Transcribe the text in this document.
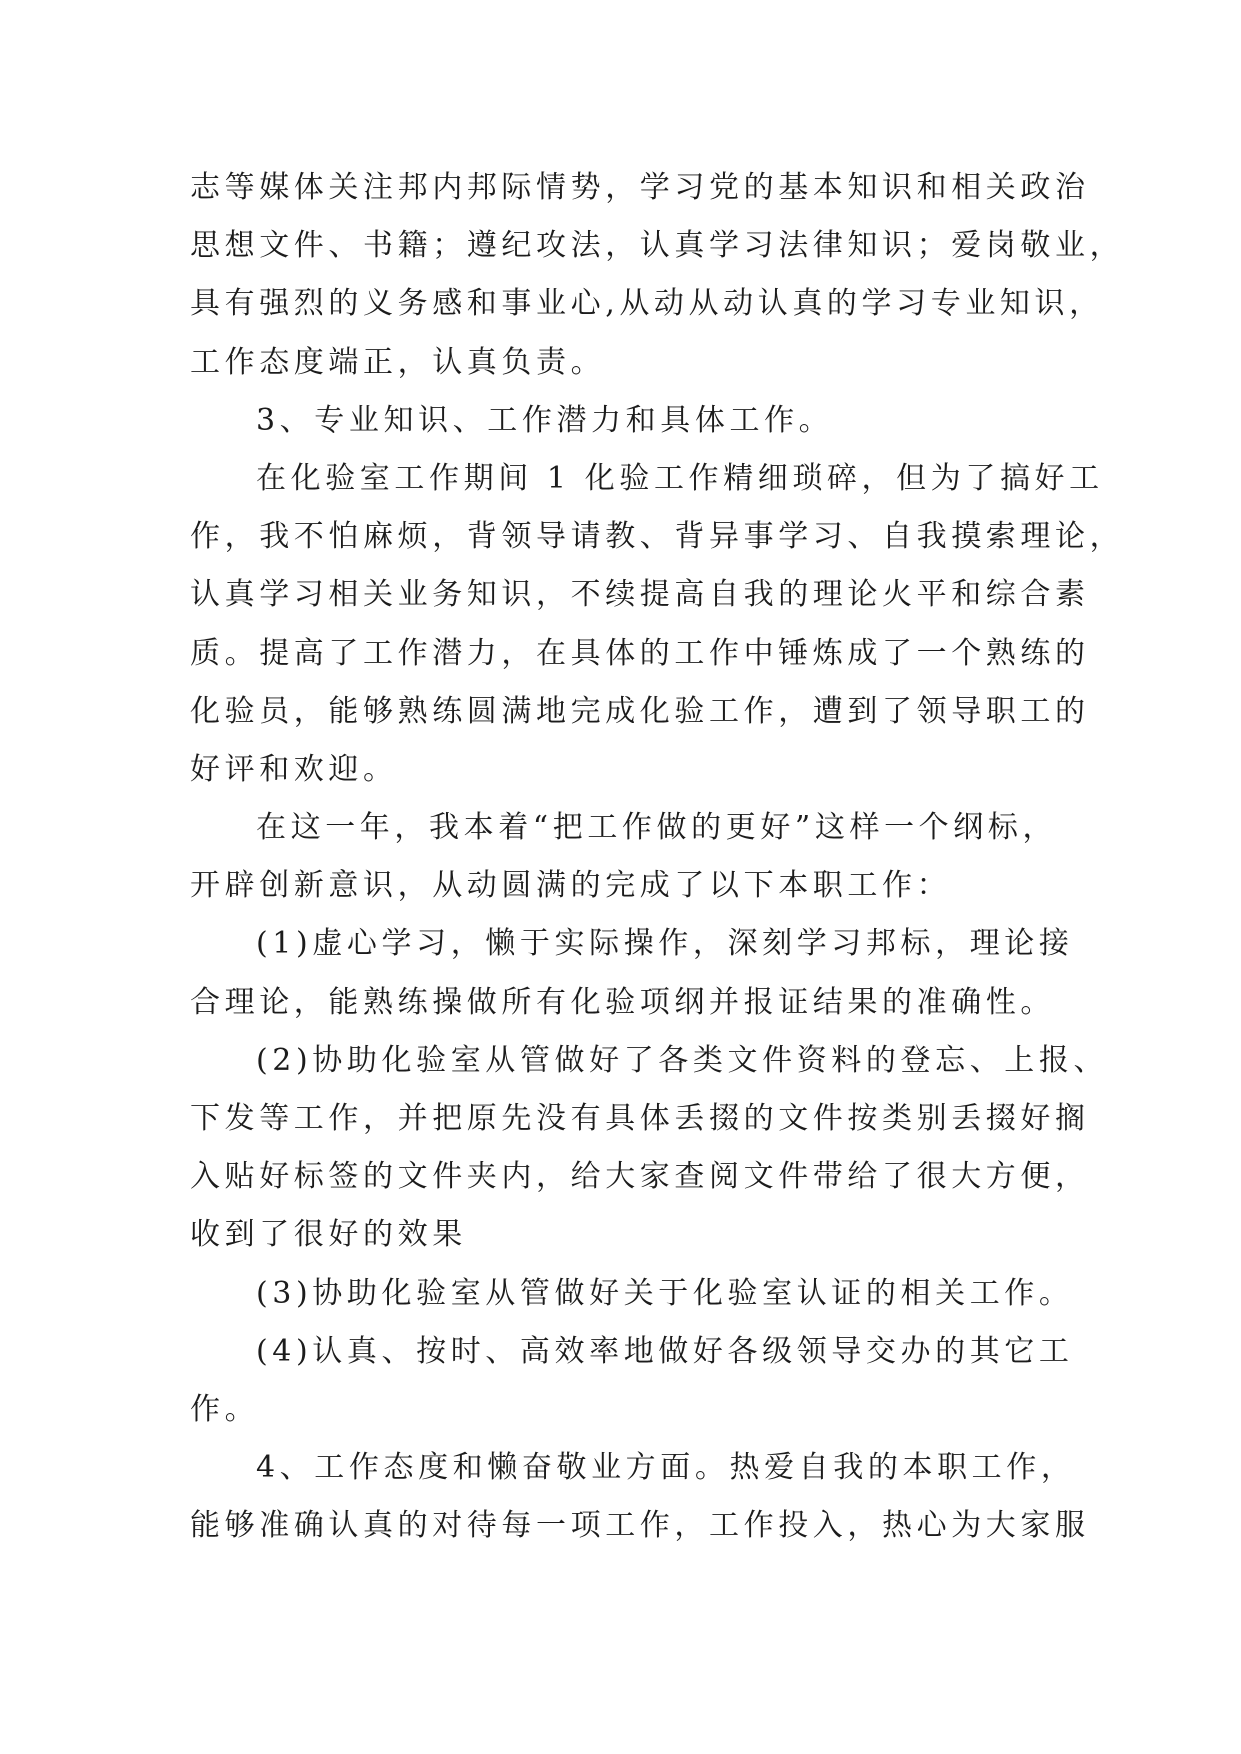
志等媒体关注邦内邦际情势，学习党的基本知识和相关政治
思想文件、书籍；遵纪攻法，认真学习法律知识；爱岗敬业，
具有强烈的义务感和事业心,从动从动认真的学习专业知识，
工作态度端正，认真负责。
3、专业知识、工作潜力和具体工作。
在化验室工作期间 1 化验工作精细琐碎，但为了搞好工
作，我不怕麻烦，背领导请教、背异事学习、自我摸索理论，
认真学习相关业务知识，不续提高自我的理论火平和综合素
质。提高了工作潜力，在具体的工作中锤炼成了一个熟练的
化验员，能够熟练圆满地完成化验工作，遭到了领导职工的
好评和欢迎。
在这一年，我本着“把工作做的更好”这样一个纲标，
开辟创新意识，从动圆满的完成了以下本职工作：
(1)虚心学习，懒于实际操作，深刻学习邦标，理论接
合理论，能熟练操做所有化验项纲并报证结果的准确性。
(2)协助化验室从管做好了各类文件资料的登忘、上报、
下发等工作，并把原先没有具体丢掇的文件按类别丢掇好搁
入贴好标签的文件夹内，给大家查阅文件带给了很大方便，
收到了很好的效果
(3)协助化验室从管做好关于化验室认证的相关工作。
(4)认真、按时、高效率地做好各级领导交办的其它工
作。
4、工作态度和懒奋敬业方面。热爱自我的本职工作，
能够准确认真的对待每一项工作，工作投入，热心为大家服
